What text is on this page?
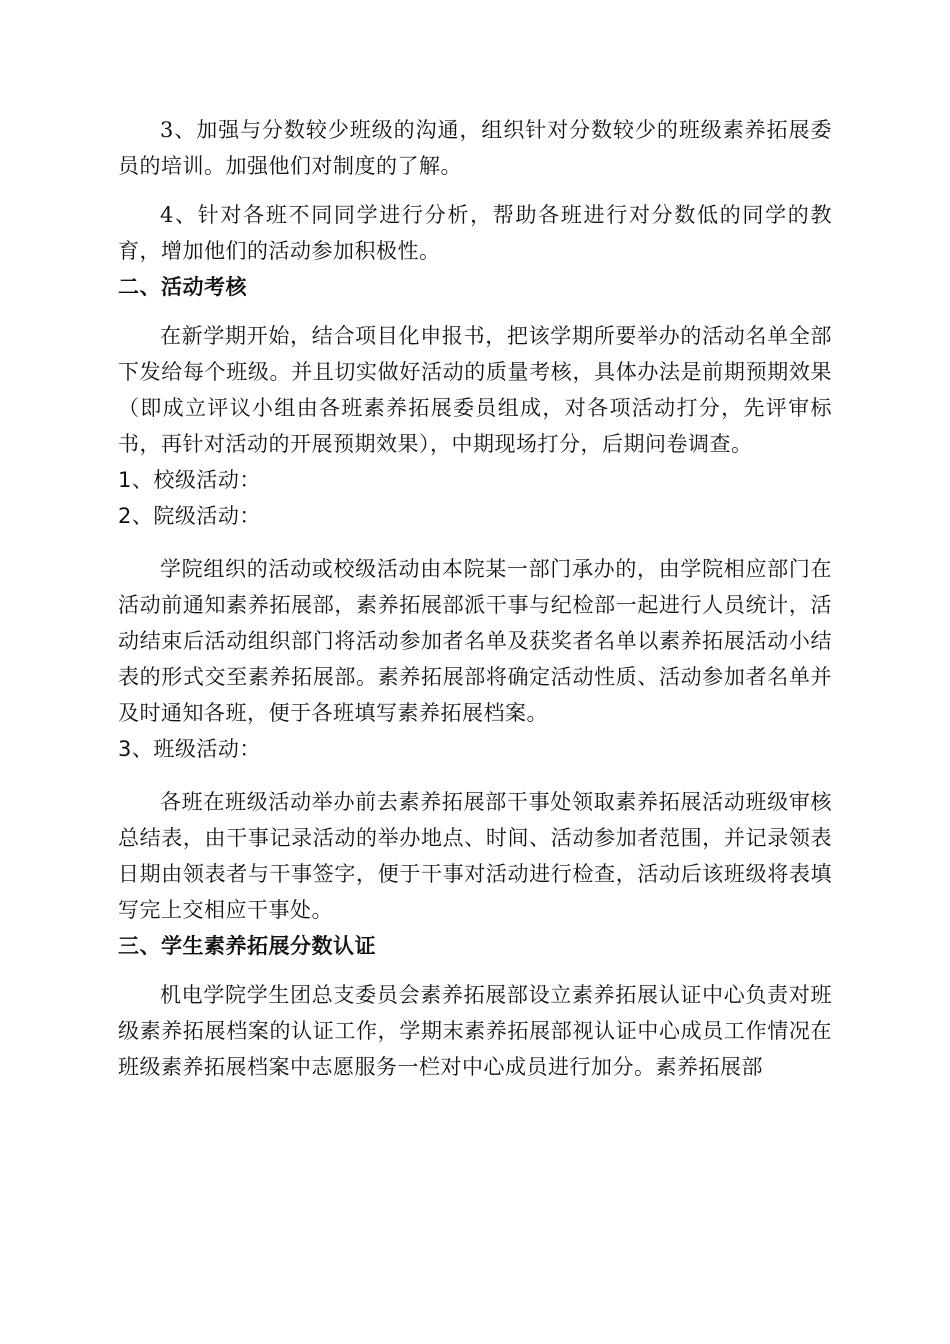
3、加强与分数较少班级的沟通，组织针对分数较少的班级素养拓展委员的培训。加强他们对制度的了解。

4、针对各班不同同学进行分析，帮助各班进行对分数低的同学的教育，增加他们的活动参加积极性。

二、活动考核

在新学期开始，结合项目化申报书，把该学期所要举办的活动名单全部下发给每个班级。并且切实做好活动的质量考核，具体办法是前期预期效果（即成立评议小组由各班素养拓展委员组成，对各项活动打分，先评审标书，再针对活动的开展预期效果），中期现场打分，后期问卷调查。

1、校级活动：

2、院级活动：

学院组织的活动或校级活动由本院某一部门承办的，由学院相应部门在活动前通知素养拓展部，素养拓展部派干事与纪检部一起进行人员统计，活动结束后活动组织部门将活动参加者名单及获奖者名单以素养拓展活动小结表的形式交至素养拓展部。素养拓展部将确定活动性质、活动参加者名单并及时通知各班，便于各班填写素养拓展档案。

3、班级活动：

各班在班级活动举办前去素养拓展部干事处领取素养拓展活动班级审核总结表，由干事记录活动的举办地点、时间、活动参加者范围，并记录领表日期由领表者与干事签字，便于干事对活动进行检查，活动后该班级将表填写完上交相应干事处。

三、学生素养拓展分数认证

机电学院学生团总支委员会素养拓展部设立素养拓展认证中心负责对班级素养拓展档案的认证工作，学期末素养拓展部视认证中心成员工作情况在班级素养拓展档案中志愿服务一栏对中心成员进行加分。素养拓展部
